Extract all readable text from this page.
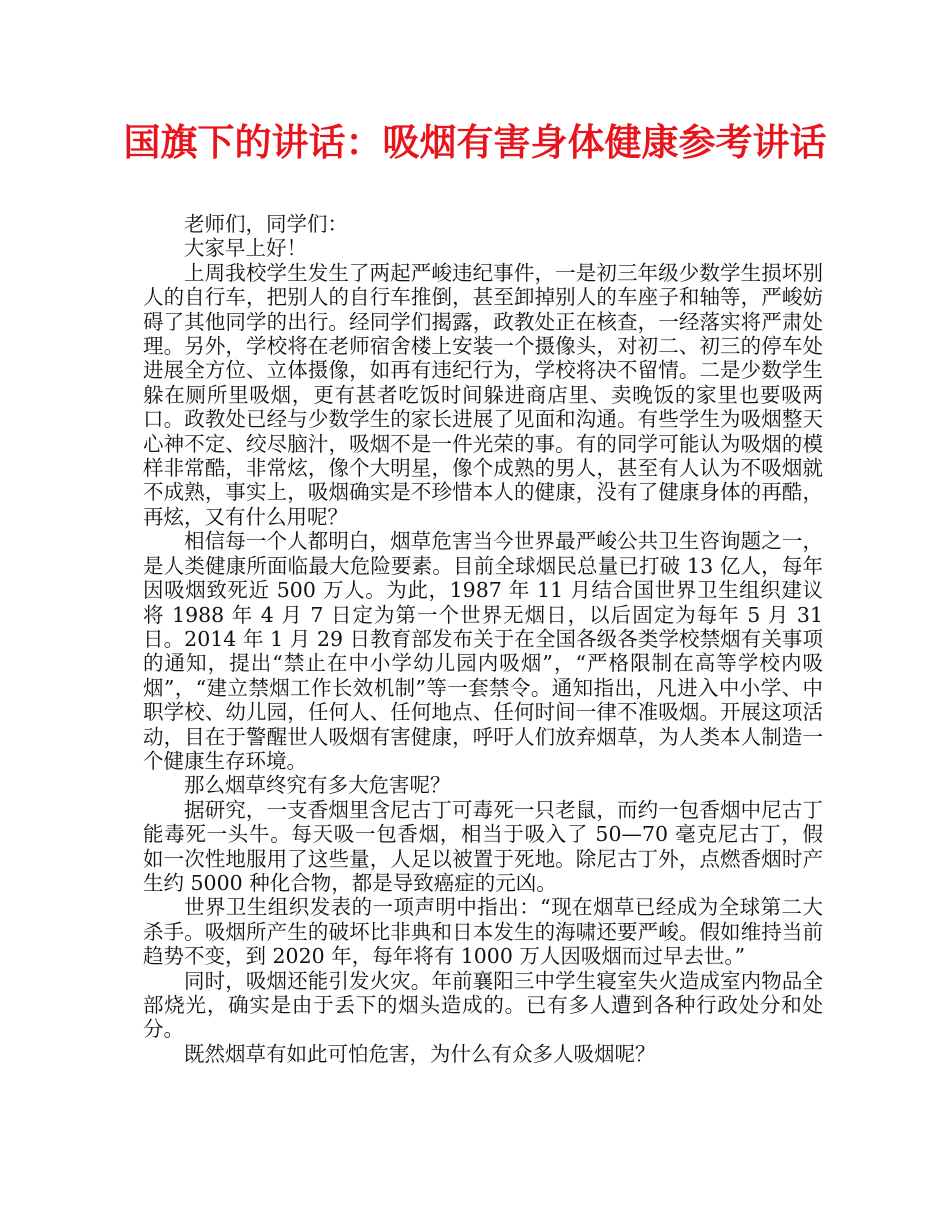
国旗下的讲话：吸烟有害身体健康参考讲话

老师们，同学们：

大家早上好！

上周我校学生发生了两起严峻违纪事件，一是初三年级少数学生损坏别人的自行车，把别人的自行车推倒，甚至卸掉别人的车座子和轴等，严峻妨碍了其他同学的出行。经同学们揭露，政教处正在核查，一经落实将严肃处理。另外，学校将在老师宿舍楼上安装一个摄像头，对初二、初三的停车处进展全方位、立体摄像，如再有违纪行为，学校将决不留情。二是少数学生躲在厕所里吸烟，更有甚者吃饭时间躲进商店里、卖晚饭的家里也要吸两口。政教处已经与少数学生的家长进展了见面和沟通。有些学生为吸烟整天心神不定、绞尽脑汁，吸烟不是一件光荣的事。有的同学可能认为吸烟的模样非常酷，非常炫，像个大明星，像个成熟的男人，甚至有人认为不吸烟就不成熟，事实上，吸烟确实是不珍惜本人的健康，没有了健康身体的再酷，再炫，又有什么用呢？

相信每一个人都明白，烟草危害当今世界最严峻公共卫生咨询题之一，是人类健康所面临最大危险要素。目前全球烟民总量已打破 13 亿人，每年因吸烟致死近 500 万人。为此，1987 年 11 月结合国世界卫生组织建议将 1988 年 4 月 7 日定为第一个世界无烟日，以后固定为每年 5 月 31 日。2014 年 1 月 29 日教育部发布关于在全国各级各类学校禁烟有关事项的通知，提出“禁止在中小学幼儿园内吸烟”，“严格限制在高等学校内吸烟”，“建立禁烟工作长效机制”等一套禁令。通知指出，凡进入中小学、中职学校、幼儿园，任何人、任何地点、任何时间一律不准吸烟。开展这项活动，目在于警醒世人吸烟有害健康，呼吁人们放弃烟草，为人类本人制造一个健康生存环境。

那么烟草终究有多大危害呢？

据研究，一支香烟里含尼古丁可毒死一只老鼠，而约一包香烟中尼古丁能毒死一头牛。每天吸一包香烟，相当于吸入了 50—70 毫克尼古丁，假如一次性地服用了这些量，人足以被置于死地。除尼古丁外，点燃香烟时产生约 5000 种化合物，都是导致癌症的元凶。

世界卫生组织发表的一项声明中指出：“现在烟草已经成为全球第二大杀手。吸烟所产生的破坏比非典和日本发生的海啸还要严峻。假如维持当前趋势不变，到 2020 年，每年将有 1000 万人因吸烟而过早去世。”

同时，吸烟还能引发火灾。年前襄阳三中学生寝室失火造成室内物品全部烧光，确实是由于丢下的烟头造成的。已有多人遭到各种行政处分和处分。

既然烟草有如此可怕危害，为什么有众多人吸烟呢？
